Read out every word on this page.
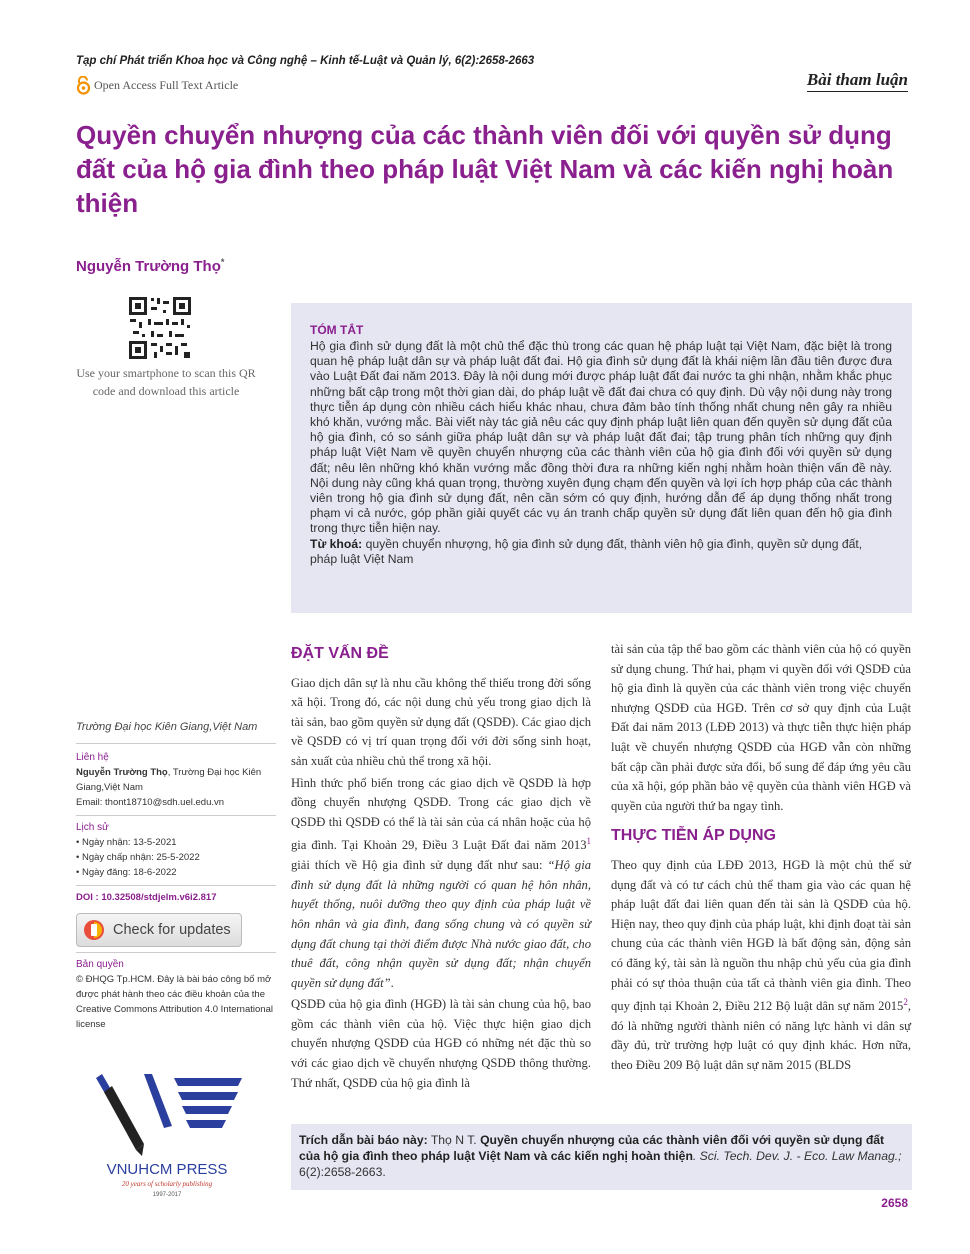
Tạp chí Phát triển Khoa học và Công nghệ – Kinh tế-Luật và Quản lý, 6(2):2658-2663
Open Access Full Text Article	Bài tham luận
Quyền chuyển nhượng của các thành viên đối với quyền sử dụng đất của hộ gia đình theo pháp luật Việt Nam và các kiến nghị hoàn thiện
Nguyễn Trường Thọ*
Use your smartphone to scan this QR code and download this article
TÓM TẮT
Hộ gia đình sử dụng đất là một chủ thể đặc thù trong các quan hệ pháp luật tại Việt Nam, đặc biệt là trong quan hệ pháp luật dân sự và pháp luật đất đai. Hộ gia đình sử dụng đất là khái niệm lần đầu tiên được đưa vào Luật Đất đai năm 2013. Đây là nội dung mới được pháp luật đất đai nước ta ghi nhận, nhằm khắc phục những bất cập trong một thời gian dài, do pháp luật về đất đai chưa có quy định. Dù vậy nội dung này trong thực tiễn áp dụng còn nhiều cách hiểu khác nhau, chưa đảm bảo tính thống nhất chung nên gây ra nhiều khó khăn, vướng mắc. Bài viết này tác giả nêu các quy định pháp luật liên quan đến quyền sử dụng đất của hộ gia đình, có so sánh giữa pháp luật dân sự và pháp luật đất đai; tập trung phân tích những quy định pháp luật Việt Nam về quyền chuyển nhượng của các thành viên của hộ gia đình đối với quyền sử dụng đất; nêu lên những khó khăn vướng mắc đồng thời đưa ra những kiến nghị nhằm hoàn thiện vấn đề này. Nội dung này cũng khá quan trọng, thường xuyên đụng chạm đến quyền và lợi ích hợp pháp của các thành viên trong hộ gia đình sử dụng đất, nên cần sớm có quy định, hướng dẫn để áp dụng thống nhất trong phạm vi cả nước, góp phần giải quyết các vụ án tranh chấp quyền sử dụng đất liên quan đến hộ gia đình trong thực tiễn hiện nay.
Từ khoá: quyền chuyển nhượng, hộ gia đình sử dụng đất, thành viên hộ gia đình, quyền sử dụng đất, pháp luật Việt Nam
Trường Đại học Kiên Giang,Việt Nam
Liên hệ
Nguyễn Trường Thọ, Trường Đại học Kiên Giang,Việt Nam
Email: thont18710@sdh.uel.edu.vn
Lịch sử
• Ngày nhận: 13-5-2021
• Ngày chấp nhận: 25-5-2022
• Ngày đăng: 18-6-2022
DOI : 10.32508/stdjelm.v6i2.817
Check for updates
Bản quyền
© ĐHQG Tp.HCM. Đây là bài báo công bố mở được phát hành theo các điều khoản của the Creative Commons Attribution 4.0 International license
VNUHCM PRESS
20 years of scholarly publishing
1997-2017
ĐẶT VẤN ĐỀ

Giao dịch dân sự là nhu cầu không thể thiếu trong đời sống xã hội. Trong đó, các nội dung chủ yếu trong giao dịch là tài sản, bao gồm quyền sử dụng đất (QSDĐ). Các giao dịch về QSDĐ có vị trí quan trọng đối với đời sống sinh hoạt, sản xuất của nhiều chủ thể trong xã hội.

Hình thức phổ biến trong các giao dịch về QSDĐ là hợp đồng chuyển nhượng QSDĐ. Trong các giao dịch về QSDĐ thì QSDĐ có thể là tài sản của cá nhân hoặc của hộ gia đình. Tại Khoản 29, Điều 3 Luật Đất đai năm 2013$^1$ giải thích về Hộ gia đình sử dụng đất như sau: “Hộ gia đình sử dụng đất là những người có quan hệ hôn nhân, huyết thống, nuôi dưỡng theo quy định của pháp luật về hôn nhân và gia đình, đang sống chung và có quyền sử dụng đất chung tại thời điểm được Nhà nước giao đất, cho thuê đất, công nhận quyền sử dụng đất; nhận chuyển quyền sử dụng đất”.

QSDĐ của hộ gia đình (HGĐ) là tài sản chung của hộ, bao gồm các thành viên của hộ. Việc thực hiện giao dịch chuyển nhượng QSDĐ của HGĐ có những nét đặc thù so với các giao dịch về chuyển nhượng QSDĐ thông thường. Thứ nhất, QSDĐ của hộ gia đình là

tài sản của tập thể bao gồm các thành viên của hộ có quyền sử dụng chung. Thứ hai, phạm vi quyền đối với QSDĐ của hộ gia đình là quyền của các thành viên trong việc chuyển nhượng QSDĐ của HGĐ. Trên cơ sở quy định của Luật Đất đai năm 2013 (LĐĐ 2013) và thực tiễn thực hiện pháp luật về chuyển nhượng QSDĐ của HGĐ vẫn còn những bất cập cần phải được sửa đổi, bổ sung để đáp ứng yêu cầu của xã hội, góp phần bảo vệ quyền của thành viên HGĐ và quyền của người thứ ba ngay tình.

THỰC TIỄN ÁP DỤNG

Theo quy định của LĐĐ 2013, HGĐ là một chủ thể sử dụng đất và có tư cách chủ thể tham gia vào các quan hệ pháp luật đất đai liên quan đến tài sản là QSDĐ của hộ. Hiện nay, theo quy định của pháp luật, khi định đoạt tài sản chung của các thành viên HGĐ là bất động sản, động sản có đăng ký, tài sản là nguồn thu nhập chủ yếu của gia đình phải có sự thỏa thuận của tất cả thành viên gia đình. Theo quy định tại Khoản 2, Điều 212 Bộ luật dân sự năm 2015$^2$, đó là những người thành niên có năng lực hành vi dân sự đầy đủ, trừ trường hợp luật có quy định khác. Hơn nữa, theo Điều 209 Bộ luật dân sự năm 2015 (BLDS

Trích dẫn bài báo này: Thọ N T. Quyền chuyển nhượng của các thành viên đối với quyền sử dụng đất của hộ gia đình theo pháp luật Việt Nam và các kiến nghị hoàn thiện. Sci. Tech. Dev. J. - Eco. Law Manag.; 6(2):2658-2663.
2658
